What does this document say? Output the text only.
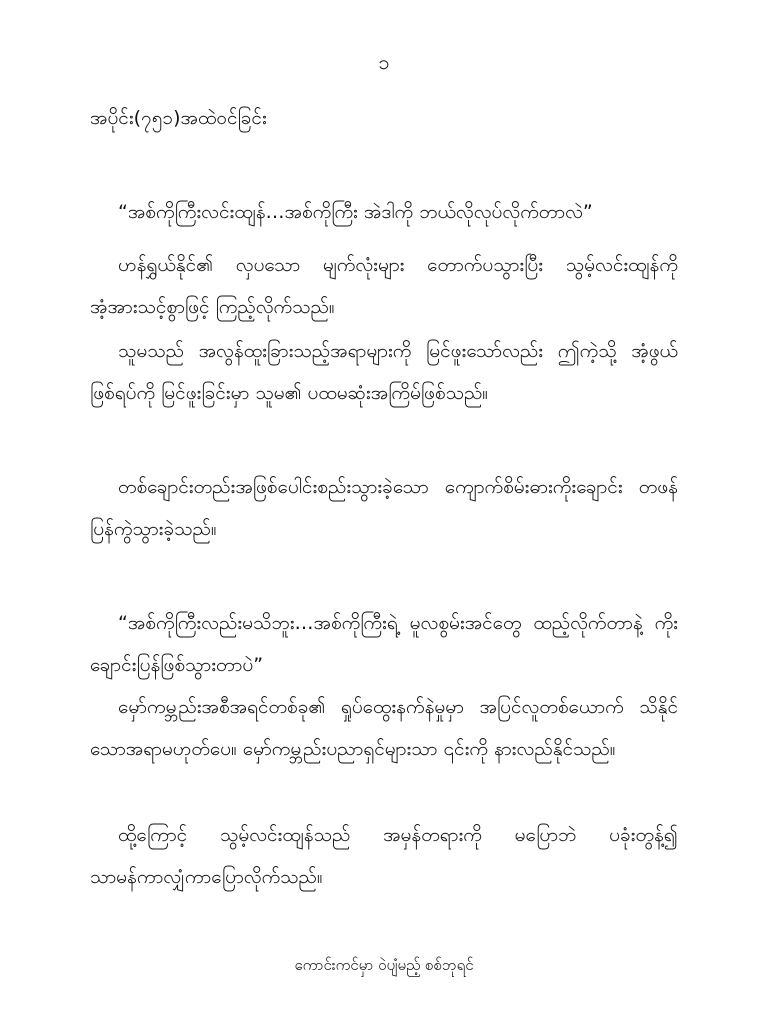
၁
အပိုင်း(၇၅၁)အထဲဝင်ခြင်း

“အစ်ကိုကြီးလင်းထျန်…အစ်ကိုကြီး အဲဒါကို ဘယ်လိုလုပ်လိုက်တာလဲ”

ဟန်ရွှယ်နိုင်၏ လှပသော မျက်လုံးများ တောက်ပသွားပြီး သွမ့်လင်းထျန်ကို အံ့အားသင့်စွာဖြင့် ကြည့်လိုက်သည်။

သူမသည် အလွန်ထူးခြားသည့်အရာများကို မြင်ဖူးသော်လည်း ဤကဲ့သို့ အံ့ဖွယ်ဖြစ်ရပ်ကို မြင်ဖူးခြင်းမှာ သူမ၏ ပထမဆုံးအကြိမ်ဖြစ်သည်။

တစ်ချောင်းတည်းအဖြစ်ပေါင်းစည်းသွားခဲ့သော ကျောက်စိမ်းဓားကိုးချောင်း တဖန်ပြန်ကွဲသွားခဲ့သည်။

“အစ်ကိုကြီးလည်းမသိဘူး…အစ်ကိုကြီးရဲ့ မူလစွမ်းအင်တွေ ထည့်လိုက်တာနဲ့ ကိုးချောင်းပြန်ဖြစ်သွားတာပဲ”

မှော်ကမ္ဘည်းအစီအရင်တစ်ခု၏ ရှုပ်ထွေးနက်နဲမှုမှာ အပြင်လူတစ်ယောက် သိနိုင်သောအရာမဟုတ်ပေ။ မှော်ကမ္ဘည်းပညာရှင်များသာ ၎င်းကို နားလည်နိုင်သည်။

ထို့ကြောင့် သွမ့်လင်းထျန်သည် အမှန်တရားကို မပြောဘဲ ပခုံးတွန့်၍ သာမန်ကာလျှံကာပြောလိုက်သည်။

ကောင်းကင်မှာ ဝဲပျံမည့် စစ်ဘုရင်
